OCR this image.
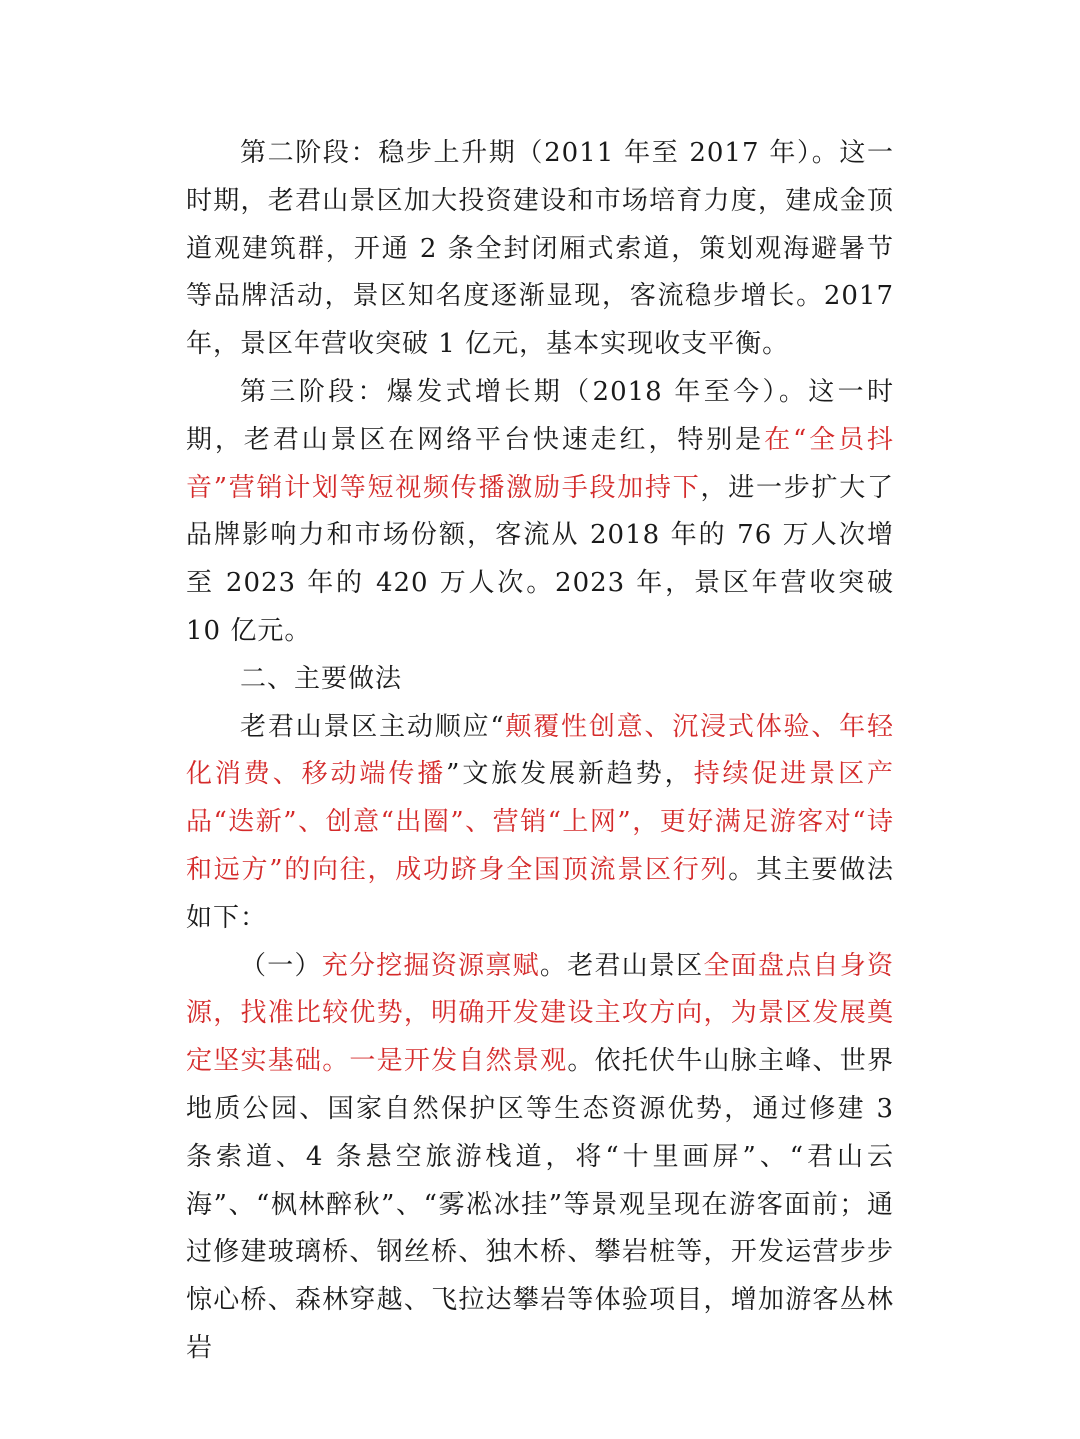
第二阶段：稳步上升期（2011 年至 2017 年）。这一时期，老君山景区加大投资建设和市场培育力度，建成金顶道观建筑群，开通 2 条全封闭厢式索道，策划观海避暑节等品牌活动，景区知名度逐渐显现，客流稳步增长。2017 年，景区年营收突破 1 亿元，基本实现收支平衡。

第三阶段：爆发式增长期（2018 年至今）。这一时期，老君山景区在网络平台快速走红，特别是在“全员抖音”营销计划等短视频传播激励手段加持下，进一步扩大了品牌影响力和市场份额，客流从 2018 年的 76 万人次增至 2023 年的 420 万人次。2023 年，景区年营收突破 10 亿元。

二、主要做法

老君山景区主动顺应“颠覆性创意、沉浸式体验、年轻化消费、移动端传播”文旅发展新趋势，持续促进景区产品“迭新”、创意“出圈”、营销“上网”，更好满足游客对“诗和远方”的向往，成功跻身全国顶流景区行列。其主要做法如下：

（一）充分挖掘资源禀赋。老君山景区全面盘点自身资源，找准比较优势，明确开发建设主攻方向，为景区发展奠定坚实基础。一是开发自然景观。依托伏牛山脉主峰、世界地质公园、国家自然保护区等生态资源优势，通过修建 3 条索道、4 条悬空旅游栈道，将“十里画屏”、“君山云海”、“枫林醉秋”、“雾凇冰挂”等景观呈现在游客面前；通过修建玻璃桥、钢丝桥、独木桥、攀岩桩等，开发运营步步惊心桥、森林穿越、飞拉达攀岩等体验项目，增加游客丛林岩
